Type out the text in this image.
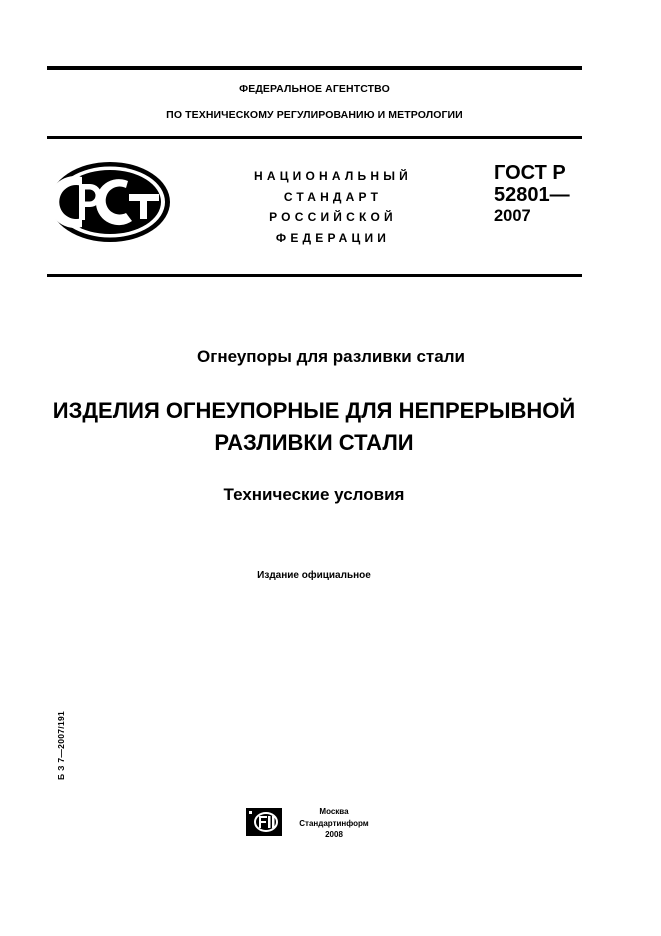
ФЕДЕРАЛЬНОЕ АГЕНТСТВО
ПО ТЕХНИЧЕСКОМУ РЕГУЛИРОВАНИЮ И МЕТРОЛОГИИ
НАЦИОНАЛЬНЫЙ
СТАНДАРТ
РОССИЙСКОЙ
ФЕДЕРАЦИИ
ГОСТ Р
52801—
2007
Огнеупоры для разливки стали
ИЗДЕЛИЯ ОГНЕУПОРНЫЕ ДЛЯ НЕПРЕРЫВНОЙ
РАЗЛИВКИ СТАЛИ
Технические условия
Издание официальное
Б З 7—2007/191
Москва
Стандартинформ
2008
